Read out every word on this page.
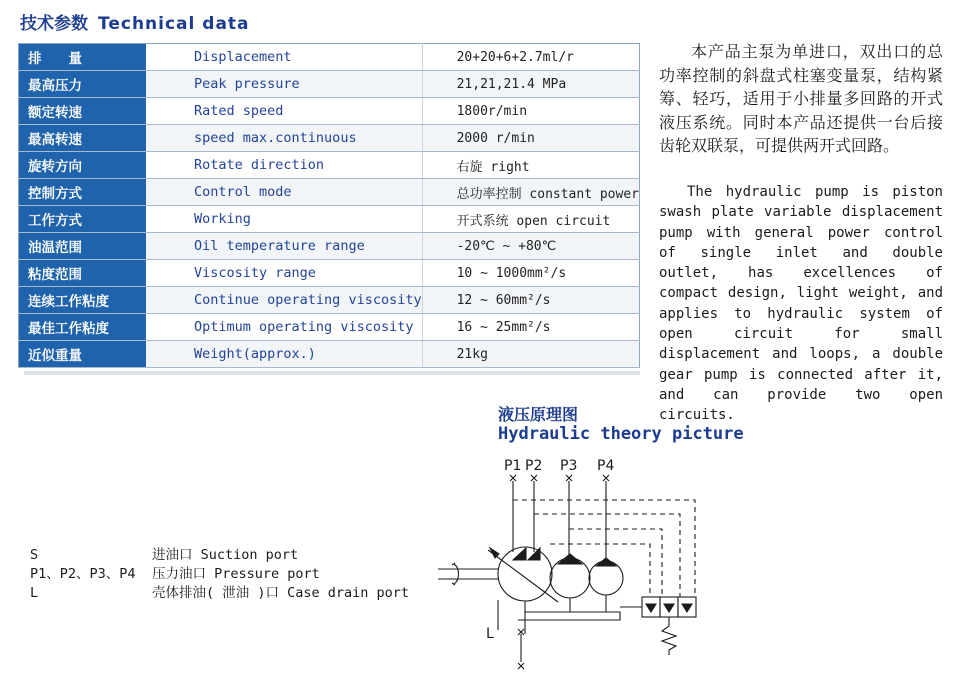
技术参数 Technical data
排　　量	Displacement	20+20+6+2.7ml/r
最高压力	Peak pressure	21,21,21.4 MPa
额定转速	Rated speed	1800r/min
最高转速	speed max.continuous	2000 r/min
旋转方向	Rotate direction	右旋 right
控制方式	Control mode	总功率控制 constant power
工作方式	Working	开式系统 open circuit
油温范围	Oil temperature range	-20℃ ~ +80℃
粘度范围	Viscosity range	10 ~ 1000mm²/s
连续工作粘度	Continue operating viscosity	12 ~ 60mm²/s
最佳工作粘度	Optimum operating viscosity	16 ~ 25mm²/s
近似重量	Weight(approx.)	21kg
本产品主泵为单进口，双出口的总功率控制的斜盘式柱塞变量泵，结构紧筹、轻巧，适用于小排量多回路的开式液压系统。同时本产品还提供一台后接齿轮双联泵，可提供两开式回路。
The hydraulic pump is piston swash plate variable displacement pump with general power control of single inlet and double outlet, has excellences of compact design, light weight, and applies to hydraulic system of open circuit for small displacement and loops, a double gear pump is connected after it, and can provide two open circuits.
液压原理图
Hydraulic theory picture
S	进油口 Suction port
P1、P2、P3、P4	压力油口 Pressure port
L	壳体排油( 泄油 )口 Case drain port
P1 P2 P3 P4
L
